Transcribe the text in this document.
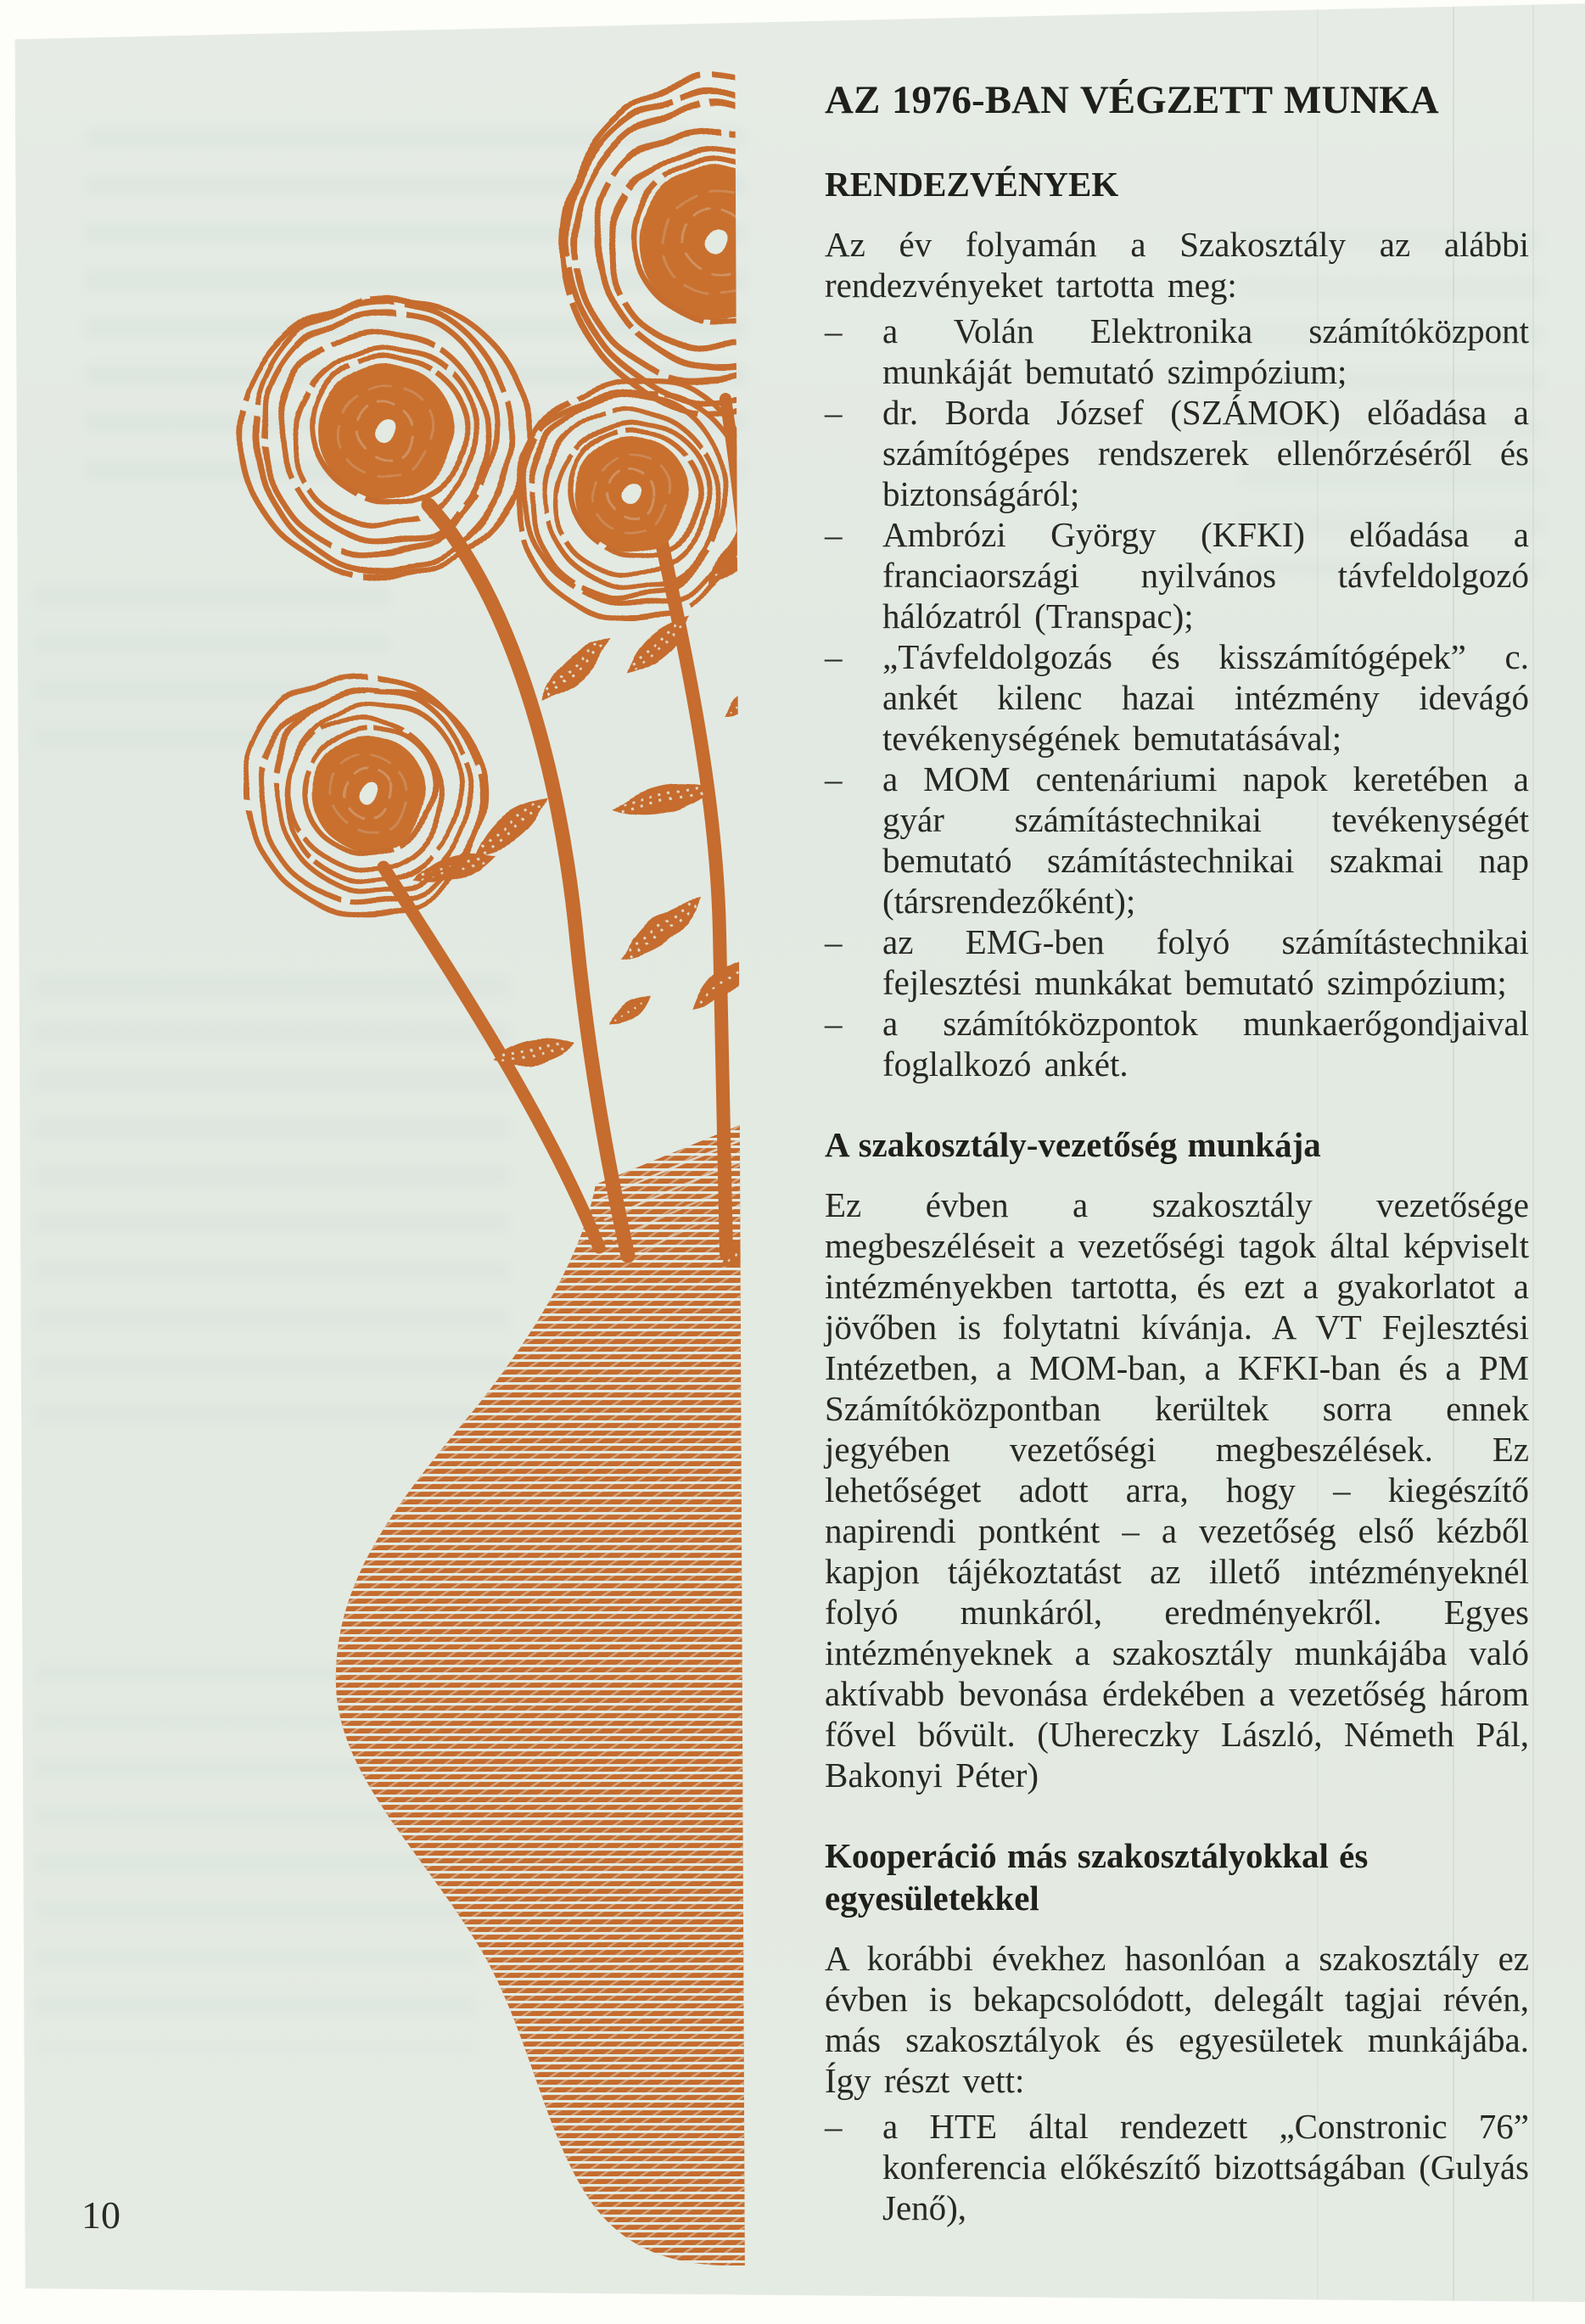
AZ 1976-BAN VÉGZETT MUNKA
RENDEZVÉNYEK

Az év folyamán a Szakosztály az alábbi rendezvényeket tartotta meg:

– a Volán Elektronika számítóközpont munkáját bemutató szimpózium;
– dr. Borda József (SZÁMOK) előadása a számítógépes rendszerek ellenőrzéséről és biztonságáról;
– Ambrózi György (KFKI) előadása a franciaországi nyilvános távfeldolgozó hálózatról (Transpac);
– „Távfeldolgozás és kisszámítógépek” c. ankét kilenc hazai intézmény idevágó tevékenységének bemutatásával;
– a MOM centenáriumi napok keretében a gyár számítástechnikai tevékenységét bemutató számítástechnikai szakmai nap (társrendezőként);
– az EMG-ben folyó számítástechnikai fejlesztési munkákat bemutató szimpózium;
– a számítóközpontok munkaerőgondjaival foglalkozó ankét.
A szakosztály-vezetőség munkája

Ez évben a szakosztály vezetősége megbeszéléseit a vezetőségi tagok által képviselt intézményekben tartotta, és ezt a gyakorlatot a jövőben is folytatni kívánja. A VT Fejlesztési Intézetben, a MOM-ban, a KFKI-ban és a PM Számítóközpontban kerültek sorra ennek jegyében vezetőségi megbeszélések. Ez lehetőséget adott arra, hogy – kiegészítő napirendi pontként – a vezetőség első kézből kapjon tájékoztatást az illető intézményeknél folyó munkáról, eredményekről. Egyes intézményeknek a szakosztály munkájába való aktívabb bevonása érdekében a vezetőség három fővel bővült. (Uhereczky László, Németh Pál, Bakonyi Péter)

Kooperáció más szakosztályokkal és egyesületekkel

A korábbi évekhez hasonlóan a szakosztály ez évben is bekapcsolódott, delegált tagjai révén, más szakosztályok és egyesületek munkájába. Így részt vett:

– a HTE által rendezett „Constronic 76” konferencia előkészítő bizottságában (Gulyás Jenő),
10
